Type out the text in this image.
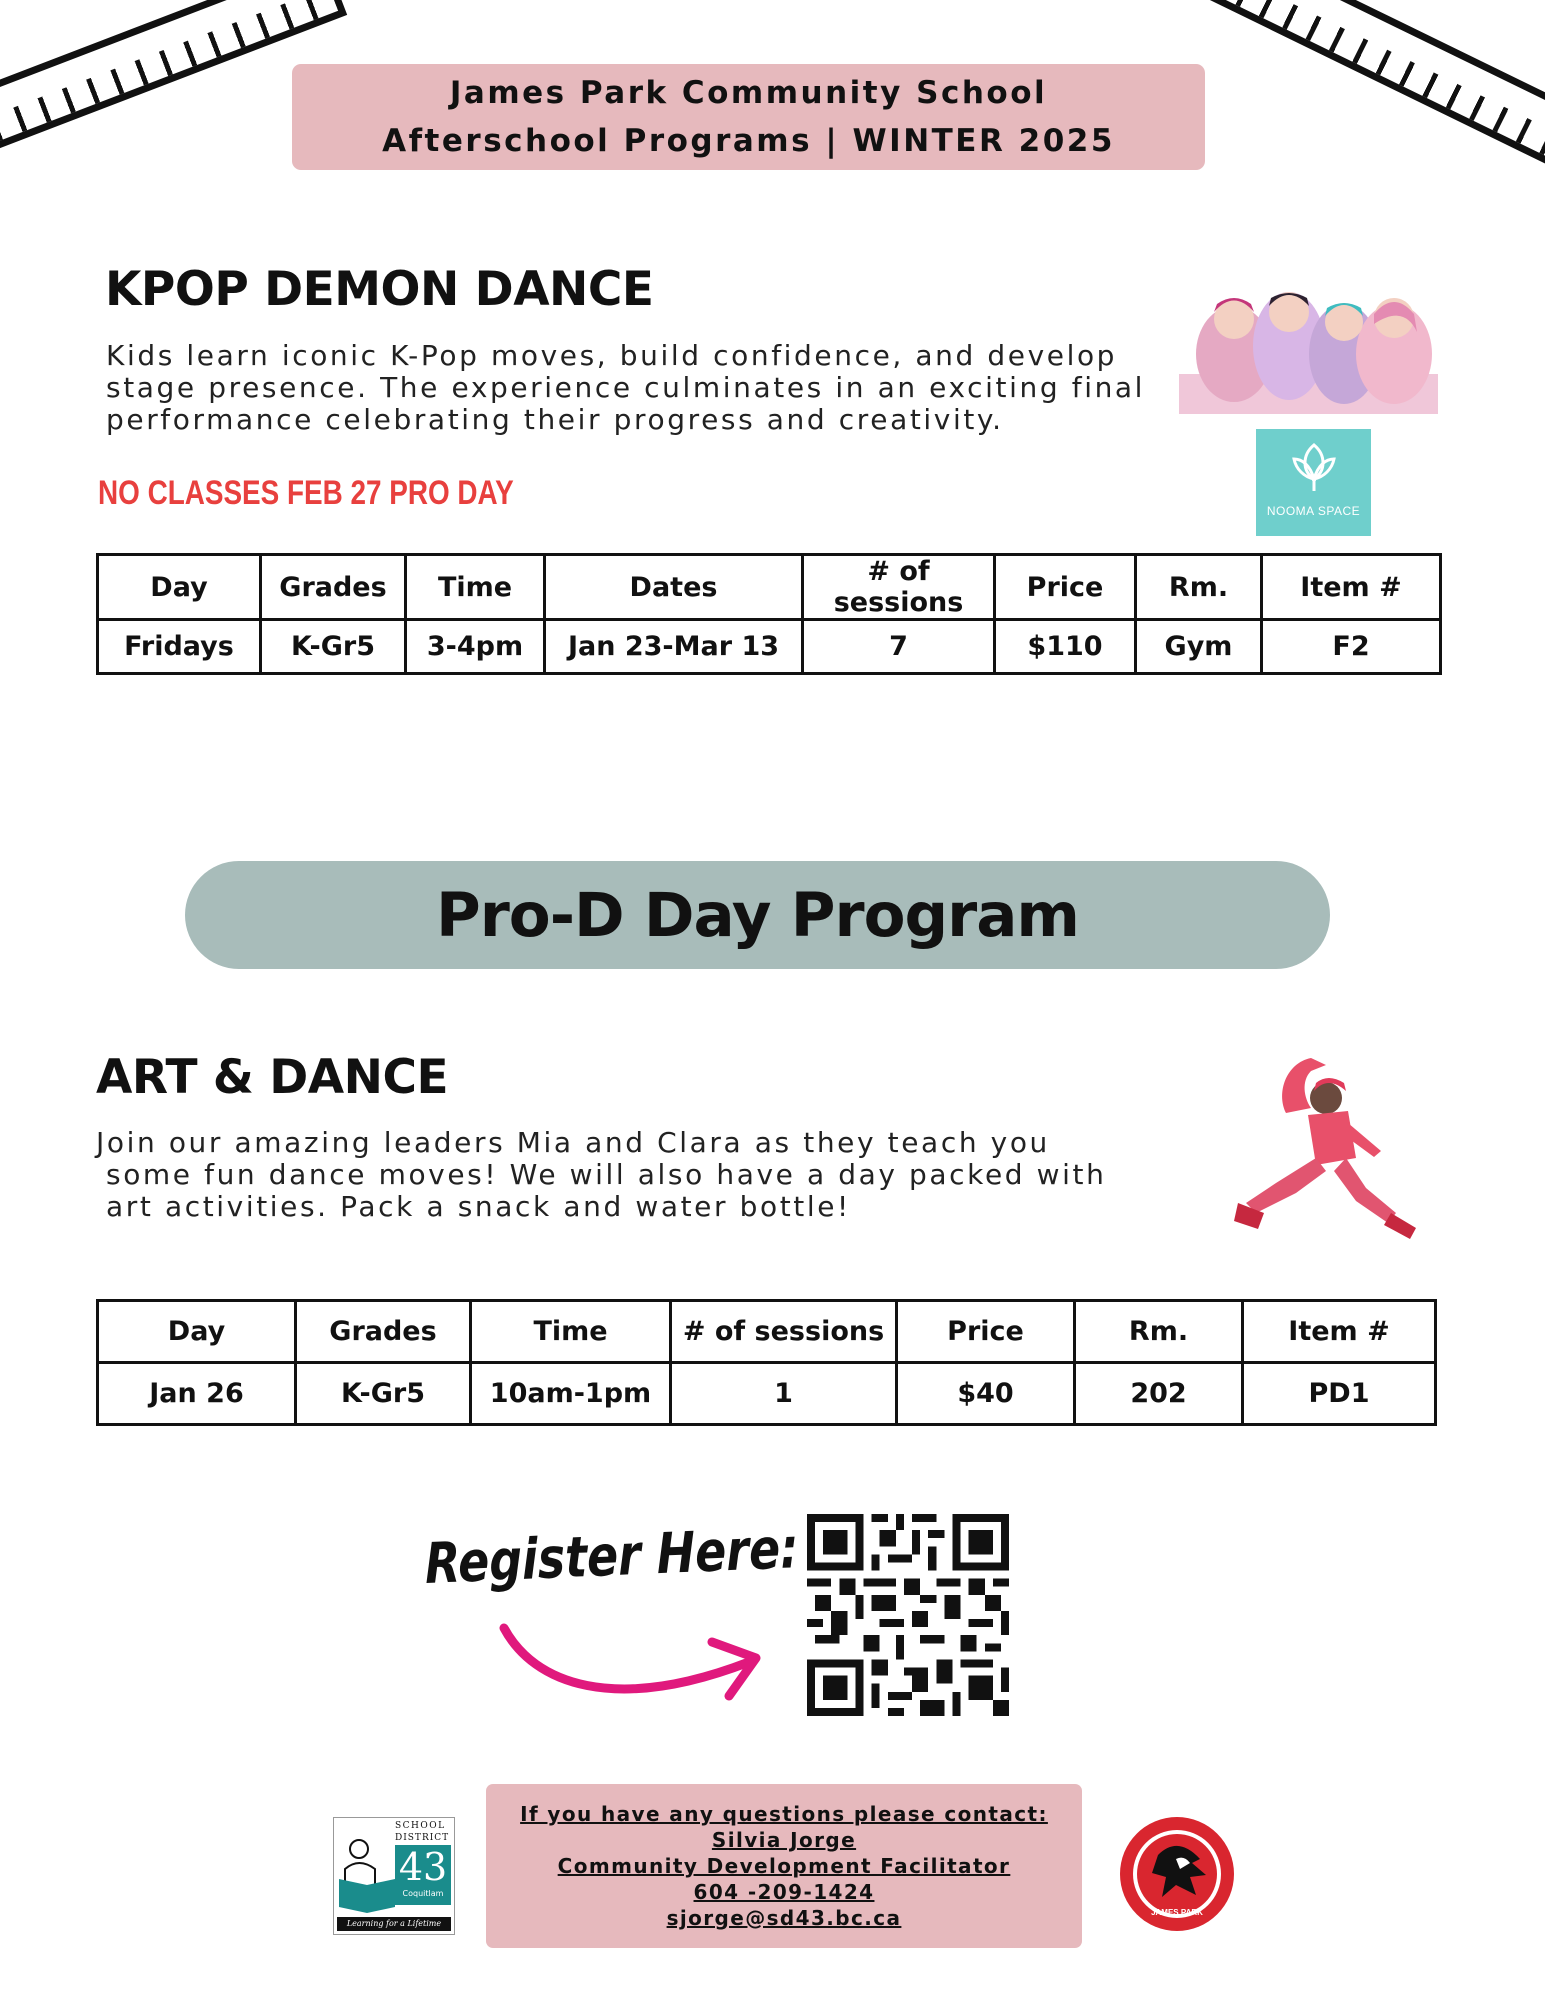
James Park Community School
Afterschool Programs | WINTER 2025
KPOP DEMON DANCE
Kids learn iconic K-Pop moves, build confidence, and develop stage presence. The experience culminates in an exciting final performance celebrating their progress and creativity.
NOOMA SPACE
NO CLASSES FEB 27 PRO DAY
Day	Grades	Time	Dates	# of sessions	Price	Rm.	Item #
Fridays	K-Gr5	3-4pm	Jan 23-Mar 13	7	$110	Gym	F2
Pro-D Day Program
ART & DANCE
Join our amazing leaders Mia and Clara as they teach you
some fun dance moves! We will also have a day packed with
art activities. Pack a snack and water bottle!
Day	Grades	Time	# of sessions	Price	Rm.	Item #
Jan 26	K-Gr5	10am-1pm	1	$40	202	PD1
Register Here:
SCHOOL
DISTRICT
43
Coquitlam
Learning for a Lifetime
If you have any questions please contact:
Silvia Jorge
Community Development Facilitator
604 -209-1424
sjorge@sd43.bc.ca	JAMES PARK
